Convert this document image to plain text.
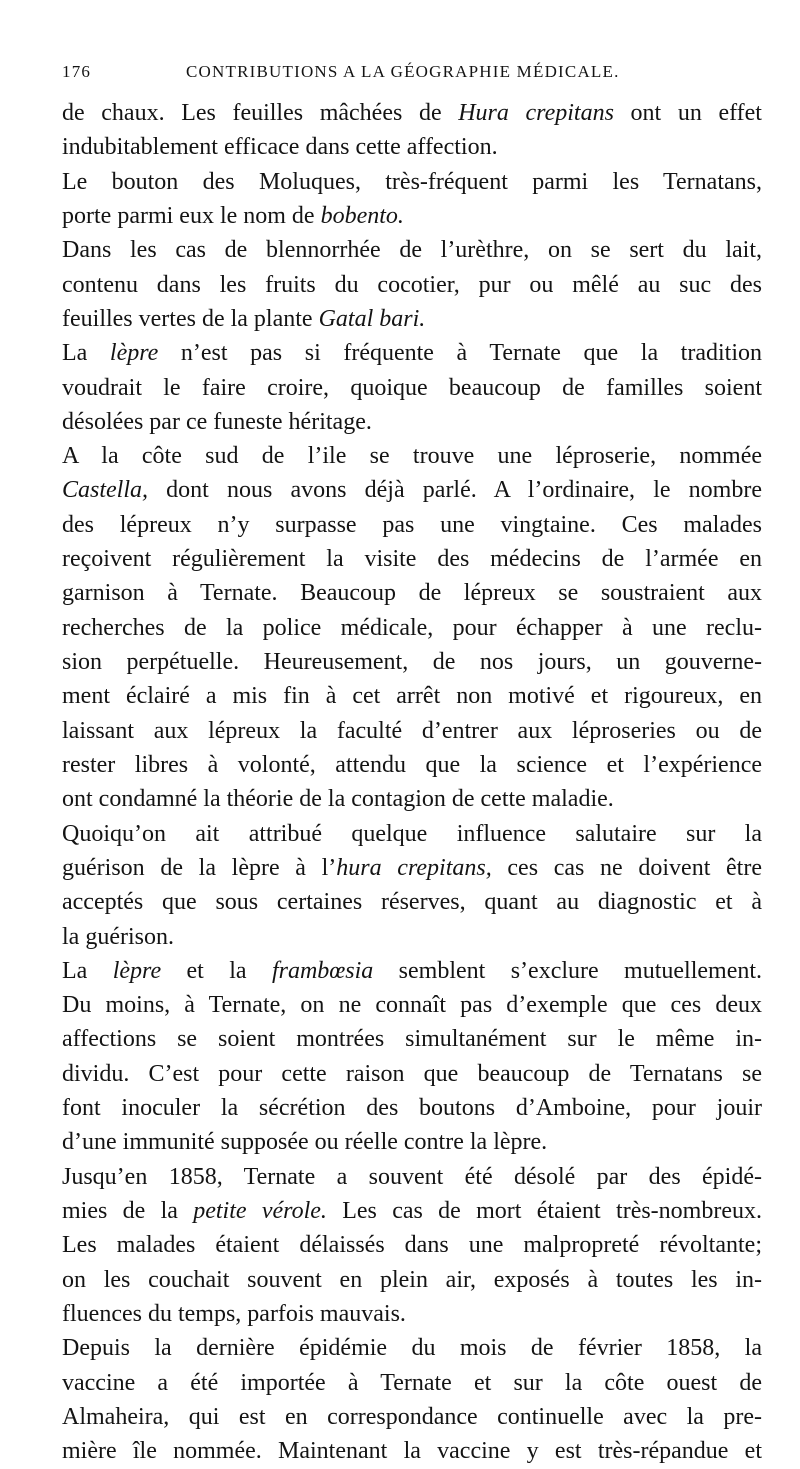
176	CONTRIBUTIONS A LA GÉOGRAPHIE MÉDICALE.
de chaux. Les feuilles mâchées de Hura crepitans ont un effet
indubitablement efficace dans cette affection.
Le bouton des Moluques, très-fréquent parmi les Ternatans,
porte parmi eux le nom de bobento.
Dans les cas de blennorrhée de l’urèthre, on se sert du lait,
contenu dans les fruits du cocotier, pur ou mêlé au suc des
feuilles vertes de la plante Gatal bari.
La lèpre n’est pas si fréquente à Ternate que la tradition
voudrait le faire croire, quoique beaucoup de familles soient
désolées par ce funeste héritage.
A la côte sud de l’ile se trouve une léproserie, nommée
Castella, dont nous avons déjà parlé. A l’ordinaire, le nombre
des lépreux n’y surpasse pas une vingtaine. Ces malades
reçoivent régulièrement la visite des médecins de l’armée en
garnison à Ternate. Beaucoup de lépreux se soustraient aux
recherches de la police médicale, pour échapper à une reclu-
sion perpétuelle. Heureusement, de nos jours, un gouverne-
ment éclairé a mis fin à cet arrêt non motivé et rigoureux, en
laissant aux lépreux la faculté d’entrer aux léproseries ou de
rester libres à volonté, attendu que la science et l’expérience
ont condamné la théorie de la contagion de cette maladie.
Quoiqu’on ait attribué quelque influence salutaire sur la
guérison de la lèpre à l’hura crepitans, ces cas ne doivent être
acceptés que sous certaines réserves, quant au diagnostic et à
la guérison.
La lèpre et la frambœsia semblent s’exclure mutuellement.
Du moins, à Ternate, on ne connaît pas d’exemple que ces deux
affections se soient montrées simultanément sur le même in-
dividu. C’est pour cette raison que beaucoup de Ternatans se
font inoculer la sécrétion des boutons d’Amboine, pour jouir
d’une immunité supposée ou réelle contre la lèpre.
Jusqu’en 1858, Ternate a souvent été désolé par des épidé-
mies de la petite vérole. Les cas de mort étaient très-nombreux.
Les malades étaient délaissés dans une malpropreté révoltante;
on les couchait souvent en plein air, exposés à toutes les in-
fluences du temps, parfois mauvais.
Depuis la dernière épidémie du mois de février 1858, la
vaccine a été importée à Ternate et sur la côte ouest de
Almaheira, qui est en correspondance continuelle avec la pre-
mière île nommée. Maintenant la vaccine y est très-répandue et
